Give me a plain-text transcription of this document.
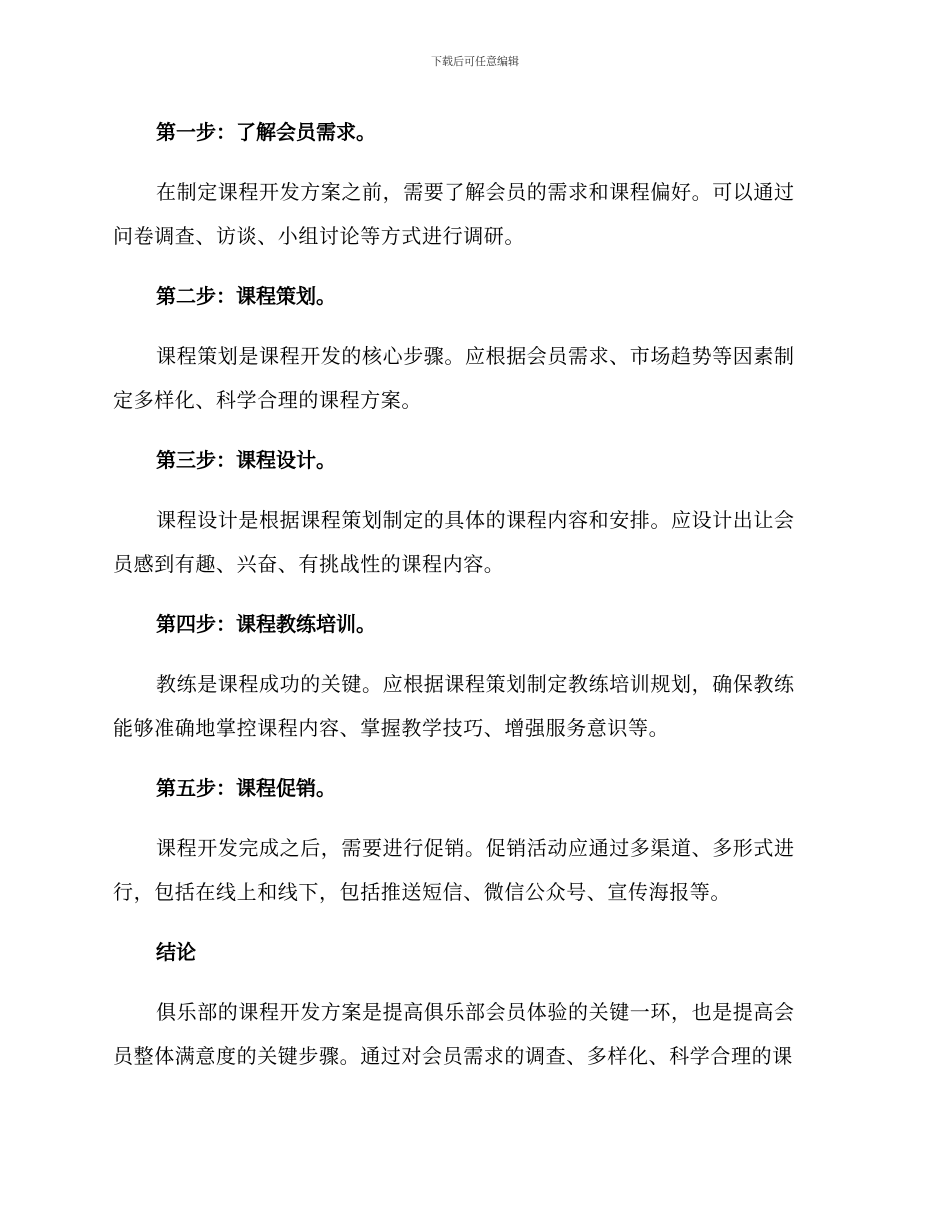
下载后可任意编辑
第一步：了解会员需求。

在制定课程开发方案之前，需要了解会员的需求和课程偏好。可以通过
问卷调查、访谈、小组讨论等方式进行调研。

第二步：课程策划。

课程策划是课程开发的核心步骤。应根据会员需求、市场趋势等因素制
定多样化、科学合理的课程方案。

第三步：课程设计。

课程设计是根据课程策划制定的具体的课程内容和安排。应设计出让会
员感到有趣、兴奋、有挑战性的课程内容。

第四步：课程教练培训。

教练是课程成功的关键。应根据课程策划制定教练培训规划，确保教练
能够准确地掌控课程内容、掌握教学技巧、增强服务意识等。

第五步：课程促销。

课程开发完成之后，需要进行促销。促销活动应通过多渠道、多形式进
行，包括在线上和线下，包括推送短信、微信公众号、宣传海报等。

结论

俱乐部的课程开发方案是提高俱乐部会员体验的关键一环，也是提高会
员整体满意度的关键步骤。通过对会员需求的调查、多样化、科学合理的课
